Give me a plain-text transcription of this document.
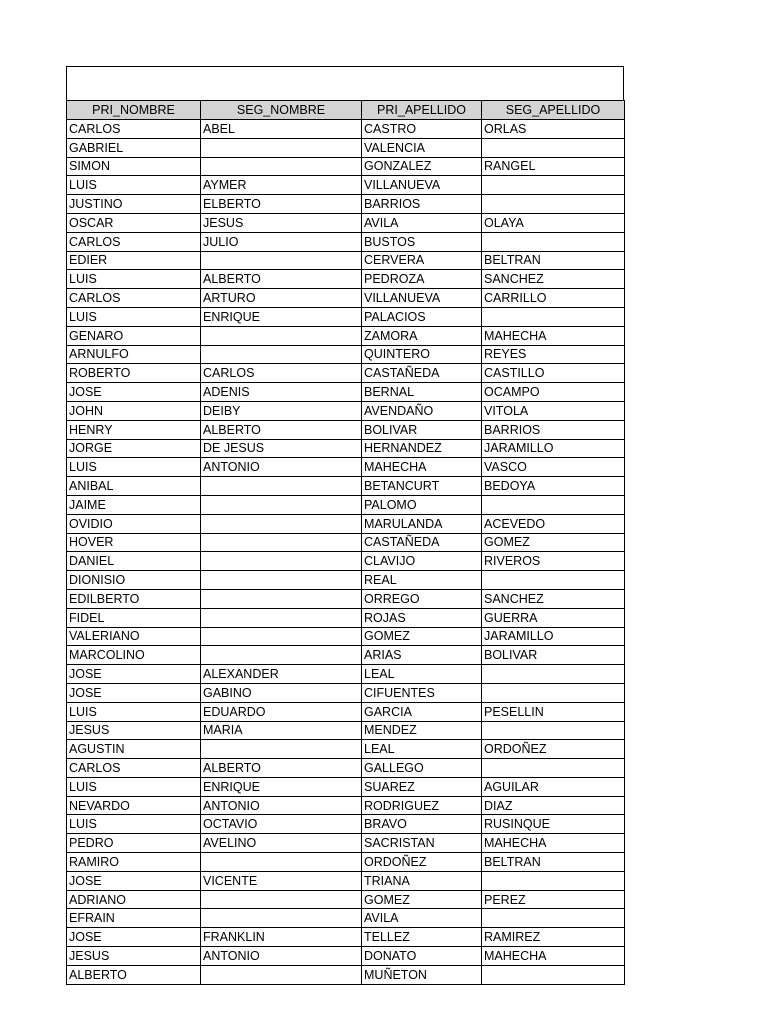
PRI_NOMBRE	SEG_NOMBRE	PRI_APELLIDO	SEG_APELLIDO
CARLOS	ABEL	CASTRO	ORLAS
GABRIEL		VALENCIA	
SIMON		GONZALEZ	RANGEL
LUIS	AYMER	VILLANUEVA	
JUSTINO	ELBERTO	BARRIOS	
OSCAR	JESUS	AVILA	OLAYA
CARLOS	JULIO	BUSTOS	
EDIER		CERVERA	BELTRAN
LUIS	ALBERTO	PEDROZA	SANCHEZ
CARLOS	ARTURO	VILLANUEVA	CARRILLO
LUIS	ENRIQUE	PALACIOS	
GENARO		ZAMORA	MAHECHA
ARNULFO		QUINTERO	REYES
ROBERTO	CARLOS	CASTAÑEDA	CASTILLO
JOSE	ADENIS	BERNAL	OCAMPO
JOHN	DEIBY	AVENDAÑO	VITOLA
HENRY	ALBERTO	BOLIVAR	BARRIOS
JORGE	DE JESUS	HERNANDEZ	JARAMILLO
LUIS	ANTONIO	MAHECHA	VASCO
ANIBAL		BETANCURT	BEDOYA
JAIME		PALOMO	
OVIDIO		MARULANDA	ACEVEDO
HOVER		CASTAÑEDA	GOMEZ
DANIEL		CLAVIJO	RIVEROS
DIONISIO		REAL	
EDILBERTO		ORREGO	SANCHEZ
FIDEL		ROJAS	GUERRA
VALERIANO		GOMEZ	JARAMILLO
MARCOLINO		ARIAS	BOLIVAR
JOSE	ALEXANDER	LEAL	
JOSE	GABINO	CIFUENTES	
LUIS	EDUARDO	GARCIA	PESELLIN
JESUS	MARIA	MENDEZ	
AGUSTIN		LEAL	ORDOÑEZ
CARLOS	ALBERTO	GALLEGO	
LUIS	ENRIQUE	SUAREZ	AGUILAR
NEVARDO	ANTONIO	RODRIGUEZ	DIAZ
LUIS	OCTAVIO	BRAVO	RUSINQUE
PEDRO	AVELINO	SACRISTAN	MAHECHA
RAMIRO		ORDOÑEZ	BELTRAN
JOSE	VICENTE	TRIANA	
ADRIANO		GOMEZ	PEREZ
EFRAIN		AVILA	
JOSE	FRANKLIN	TELLEZ	RAMIREZ
JESUS	ANTONIO	DONATO	MAHECHA
ALBERTO		MUÑETON	
